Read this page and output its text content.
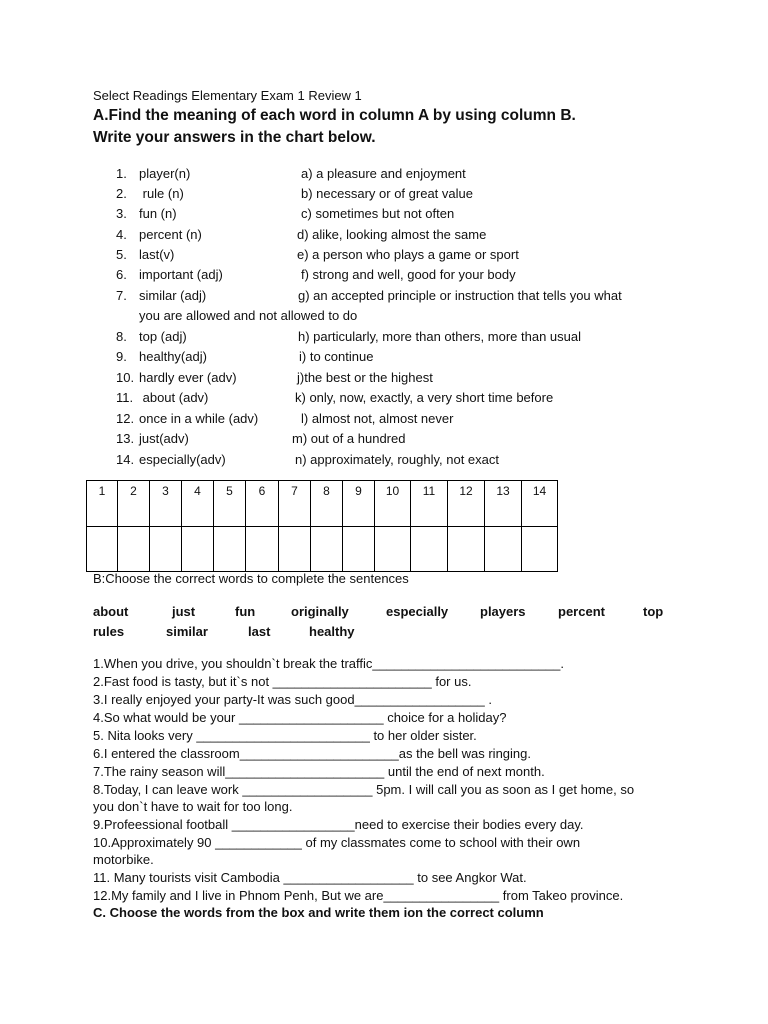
Select Readings Elementary Exam 1 Review 1
A.Find the meaning of each word in column A by using column B.
Write your answers in the chart below.
1. player(n)	a) a pleasure and enjoyment
2. rule (n)	b) necessary or of great value
3. fun (n)	c) sometimes but not often
4. percent (n)	d) alike, looking almost the same
5. last(v)	e) a person who plays a game or sport
6. important (adj)	f) strong and well, good for your body
7. similar (adj)	g) an accepted principle or instruction that tells you what
you are allowed and not allowed to do
8. top (adj)	h) particularly, more than others, more than usual
9. healthy(adj)	i) to continue
10. hardly ever (adv)	j)the best or the highest
11. about (adv)	k) only, now, exactly, a very short time before
12. once in a while (adv)	l) almost not, almost never
13. just(adv)	m) out of a hundred
14. especially(adv)	n) approximately, roughly, not exact
1	2	3	4	5	6	7	8	9	10	11	12	13	14

B:Choose the correct words to complete the sentences
about	just	fun	originally	especially players percent	top
rules	similar	last	healthy
1.When you drive, you shouldn`t break the traffic__________________________.
2.Fast food is tasty, but it`s not ______________________ for us.
3.I really enjoyed your party-It was such good__________________ .
4.So what would be your ____________________ choice for a holiday?
5. Nita looks very ________________________ to her older sister.
6.I entered the classroom______________________as the bell was ringing.
7.The rainy season will______________________ until the end of next month.
8.Today, I can leave work __________________ 5pm. I will call you as soon as I get home, so
you don`t have to wait for too long.
9.Profeessional football _________________need to exercise their bodies every day.
10.Approximately 90 ____________ of my classmates come to school with their own
motorbike.
11. Many tourists visit Cambodia __________________ to see Angkor Wat.
12.My family and I live in Phnom Penh, But we are________________ from Takeo province.
C. Choose the words from the box and write them ion the correct column
